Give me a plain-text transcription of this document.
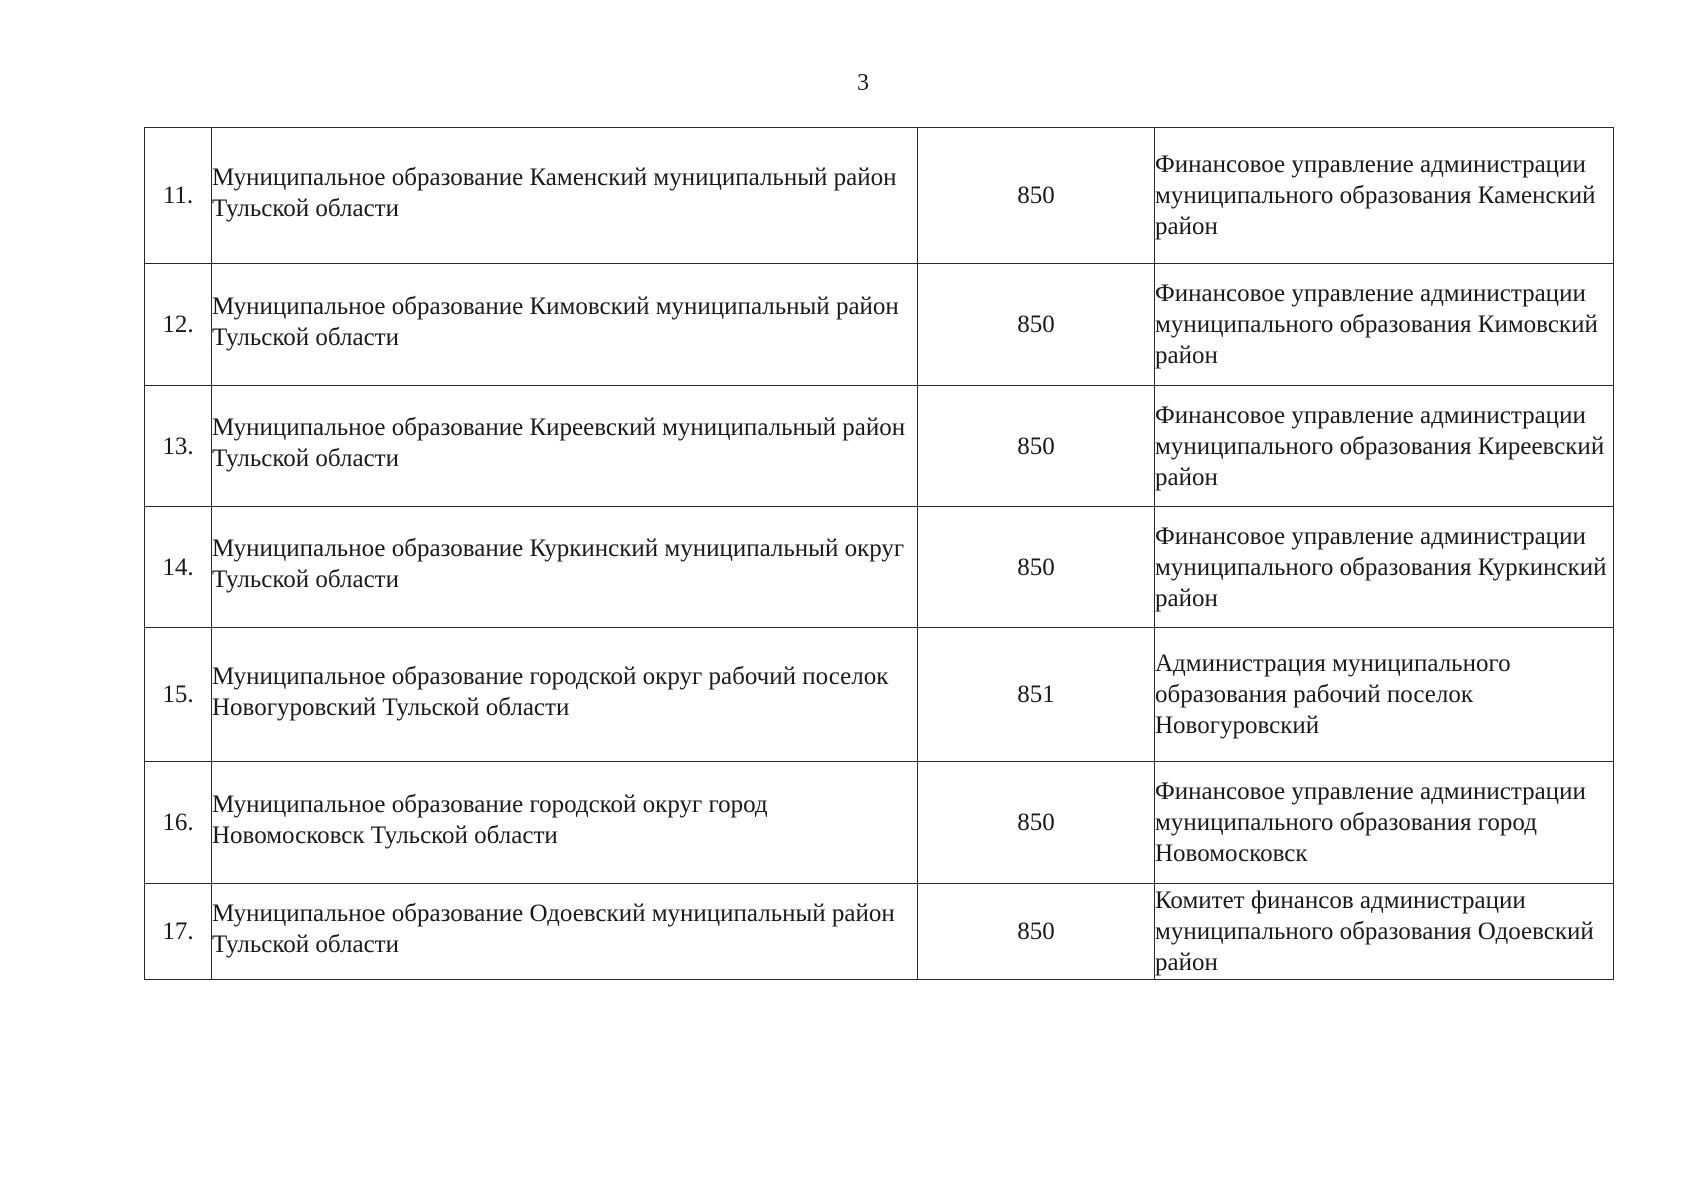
3
11.	Муниципальное образование Каменский муниципальный район Тульской области	850	Финансовое управление администрации муниципального образования Каменский район
12.	Муниципальное образование Кимовский муниципальный район Тульской области	850	Финансовое управление администрации муниципального образования Кимовский район
13.	Муниципальное образование Киреевский муниципальный район Тульской области	850	Финансовое управление администрации муниципального образования Киреевский район
14.	Муниципальное образование Куркинский муниципальный округ Тульской области	850	Финансовое управление администрации муниципального образования Куркинский район
15.	Муниципальное образование городской округ рабочий поселок Новогуровский Тульской области	851	Администрация муниципального образования рабочий поселок Новогуровский
16.	Муниципальное образование городской округ город Новомосковск Тульской области	850	Финансовое управление администрации муниципального образования город Новомосковск
17.	Муниципальное образование Одоевский муниципальный район Тульской области	850	Комитет финансов администрации муниципального образования Одоевский район
